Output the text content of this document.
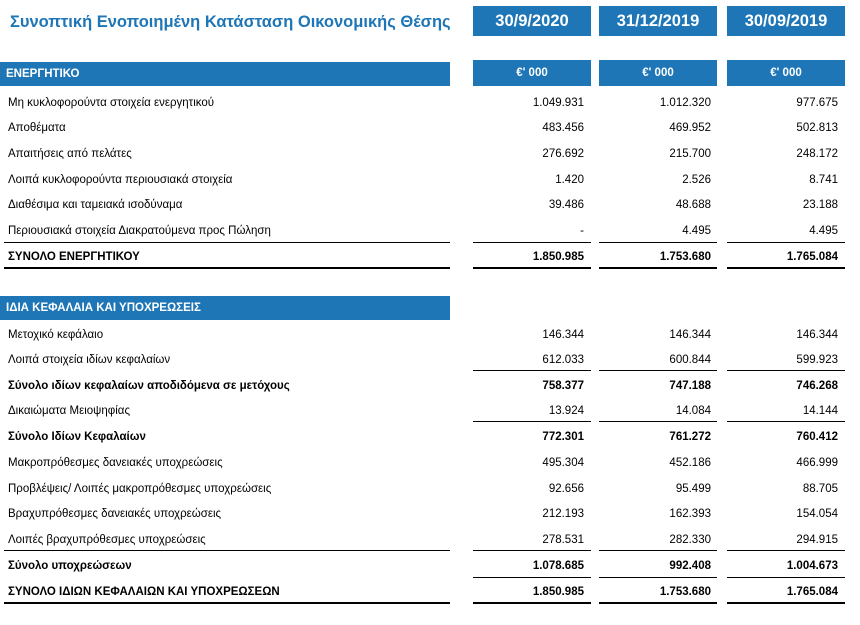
Συνοπτική Ενοποιημένη Κατάσταση Οικονομικής Θέσης	30/9/2020	31/12/2019	30/09/2019
ΕΝΕΡΓΗΤΙΚΟ	€' 000	€' 000	€' 000
Μη κυκλοφορούντα στοιχεία ενεργητικού	1.049.931	1.012.320	977.675
Αποθέματα	483.456	469.952	502.813
Απαιτήσεις από πελάτες	276.692	215.700	248.172
Λοιπά κυκλοφορούντα περιουσιακά στοιχεία	1.420	2.526	8.741
Διαθέσιμα και ταμειακά ισοδύναμα	39.486	48.688	23.188
Περιουσιακά στοιχεία Διακρατούμενα προς Πώληση	-	4.495	4.495
ΣΥΝΟΛΟ ΕΝΕΡΓΗΤΙΚΟΥ	1.850.985	1.753.680	1.765.084
ΙΔΙΑ ΚΕΦΑΛΑΙΑ ΚΑΙ ΥΠΟΧΡΕΩΣΕΙΣ
Μετοχικό κεφάλαιο	146.344	146.344	146.344
Λοιπά στοιχεία ιδίων κεφαλαίων	612.033	600.844	599.923
Σύνολο ιδίων κεφαλαίων αποδιδόμενα σε μετόχους	758.377	747.188	746.268
Δικαιώματα Μειοψηφίας	13.924	14.084	14.144
Σύνολο Ιδίων Κεφαλαίων	772.301	761.272	760.412
Μακροπρόθεσμες δανειακές υποχρεώσεις	495.304	452.186	466.999
Προβλέψεις/ Λοιπές μακροπρόθεσμες υποχρεώσεις	92.656	95.499	88.705
Βραχυπρόθεσμες δανειακές υποχρεώσεις	212.193	162.393	154.054
Λοιπές βραχυπρόθεσμες υποχρεώσεις	278.531	282.330	294.915
Σύνολο υποχρεώσεων	1.078.685	992.408	1.004.673
ΣΥΝΟΛΟ ΙΔΙΩΝ ΚΕΦΑΛΑΙΩΝ ΚΑΙ ΥΠΟΧΡΕΩΣΕΩΝ	1.850.985	1.753.680	1.765.084
